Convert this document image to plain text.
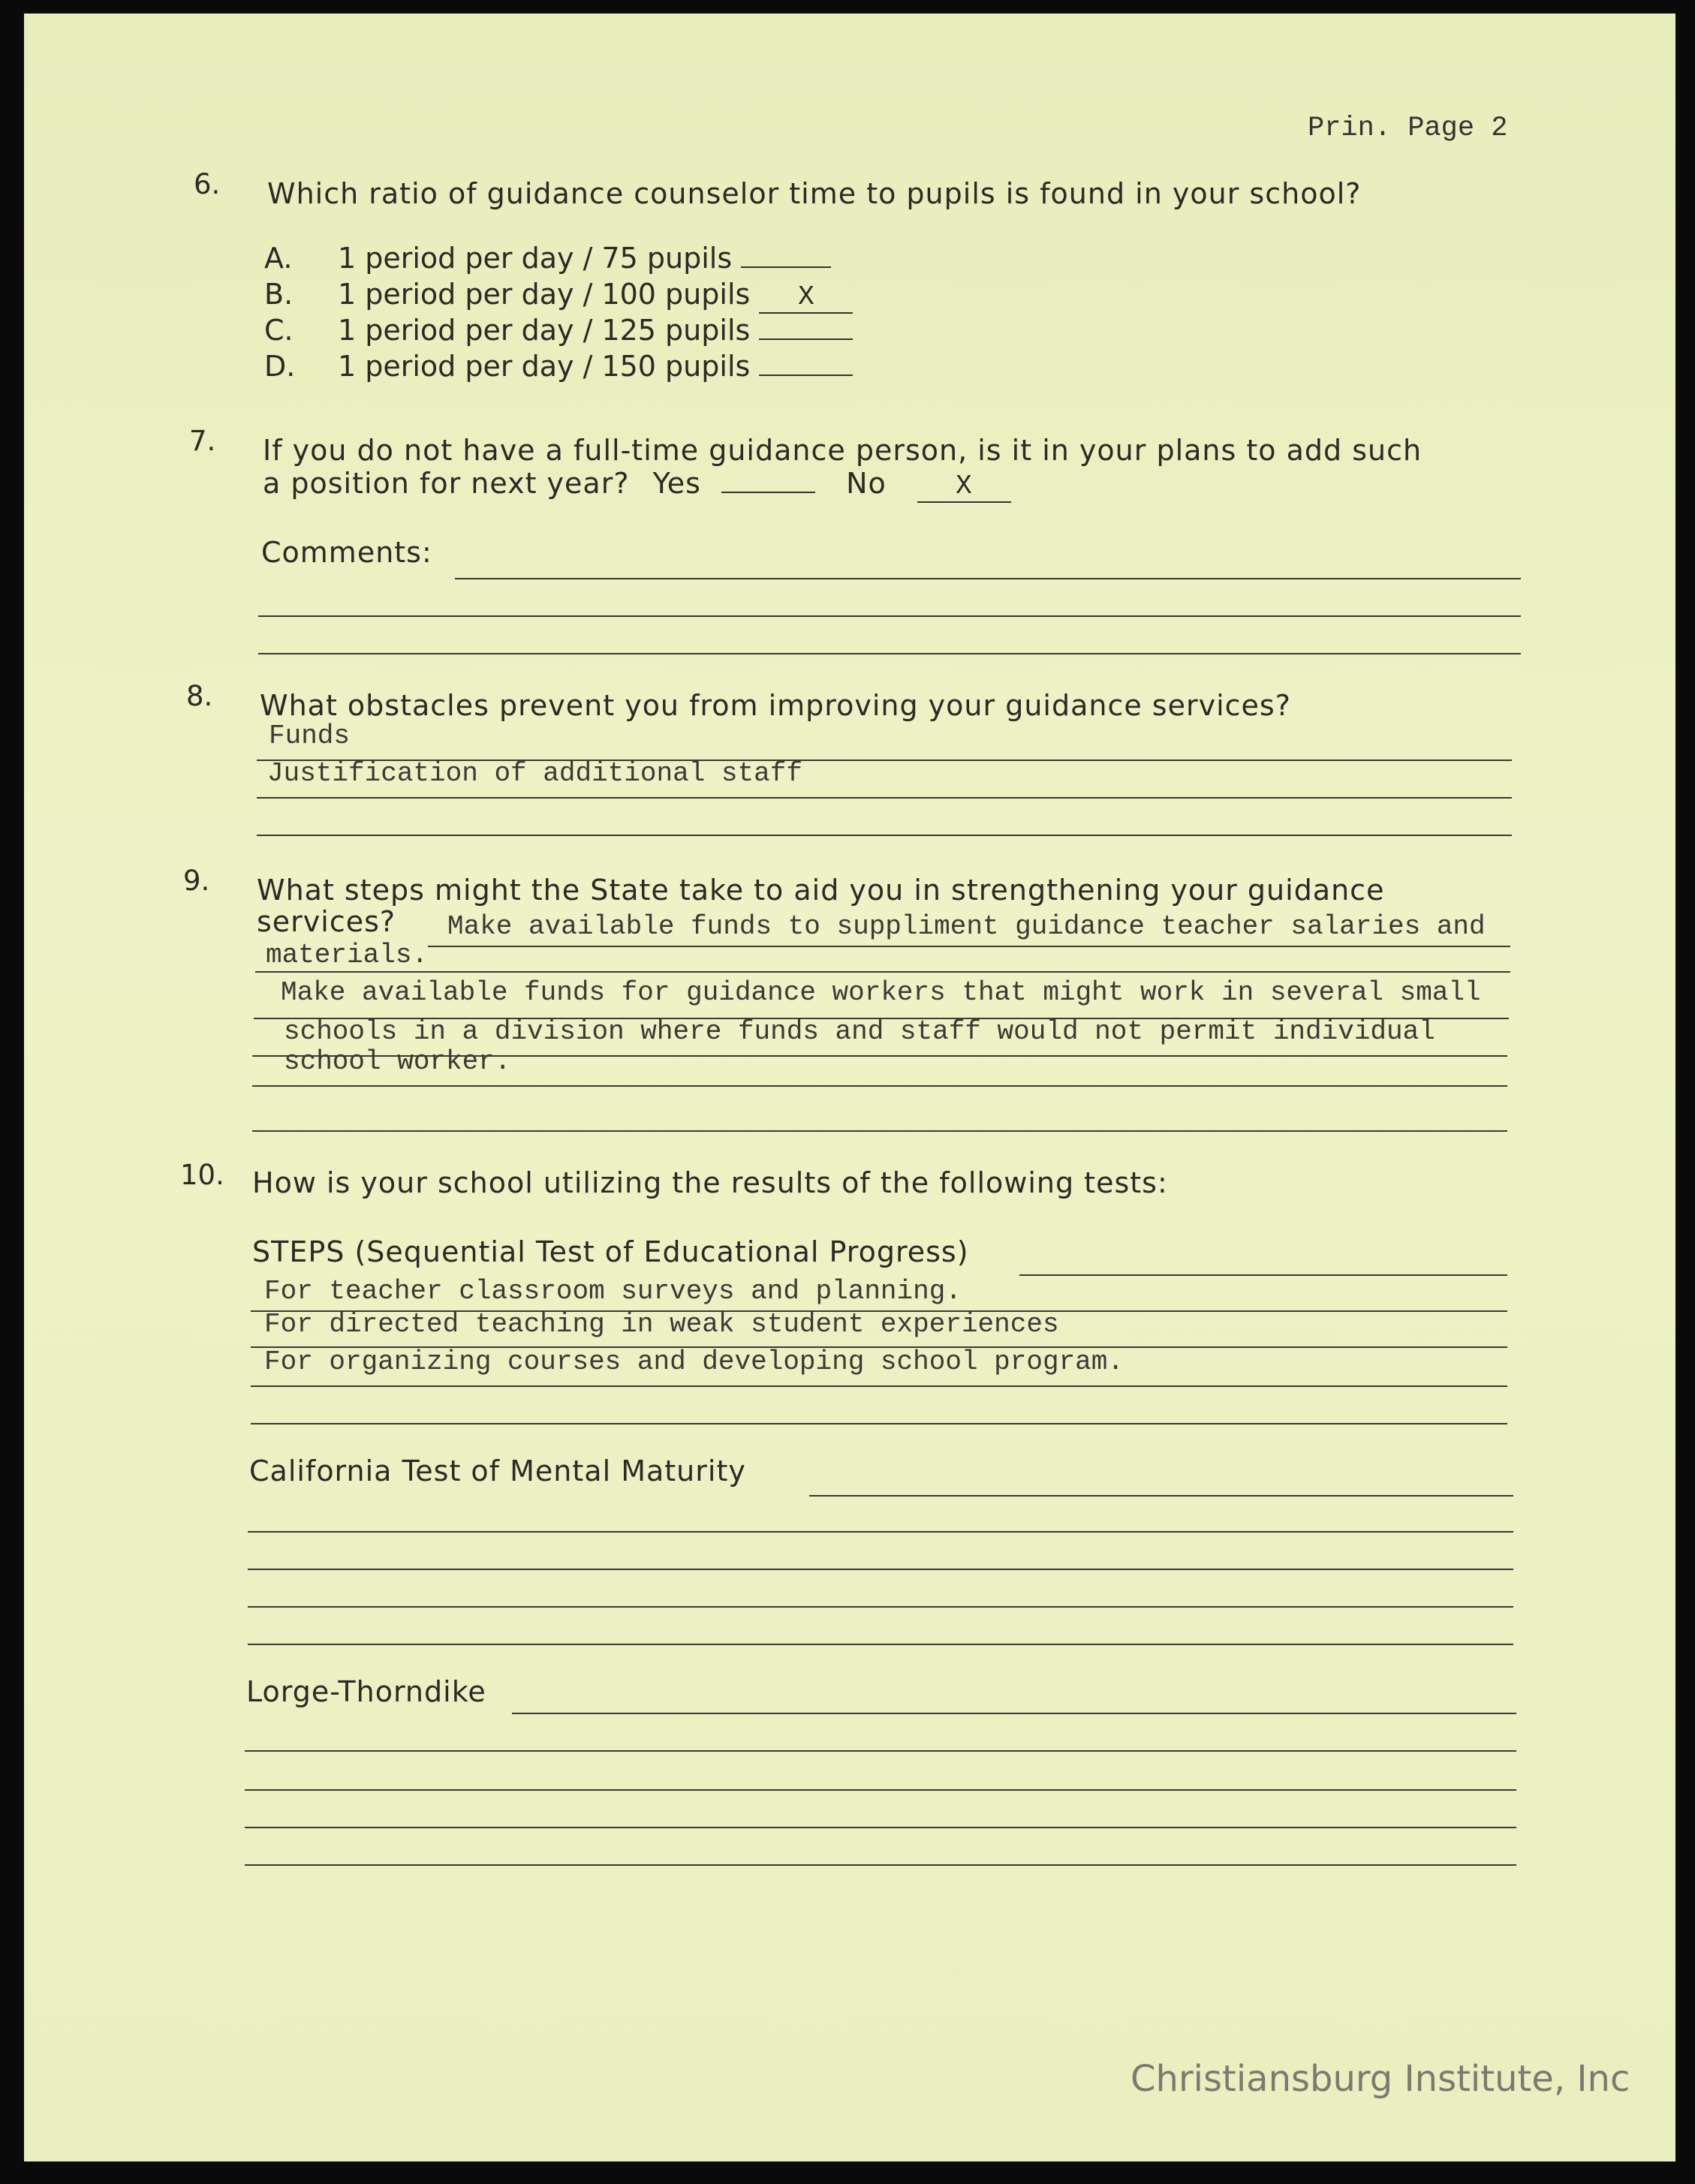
Prin. Page 2
6. Which ratio of guidance counselor time to pupils is found in your school?
A. 1 period per day / 75 pupils
B. 1 period per day / 100 pupils X
C. 1 period per day / 125 pupils
D. 1 period per day / 150 pupils
7. If you do not have a full-time guidance person, is it in your plans to add such
a position for next year? Yes	No	X
Comments:
8. What obstacles prevent you from improving your guidance services?
Funds
Justification of additional staff
9. What steps might the State take to aid you in strengthening your guidance
services? Make available funds to suppliment guidance teacher salaries and
materials.
Make available funds for guidance workers that might work in several small
schools in a division where funds and staff would not permit individual
school worker.
10. How is your school utilizing the results of the following tests:
STEPS (Sequential Test of Educational Progress)
For teacher classroom surveys and planning.
For directed teaching in weak student experiences
For organizing courses and developing school program.
California Test of Mental Maturity
Lorge-Thorndike
Christiansburg Institute, Inc
